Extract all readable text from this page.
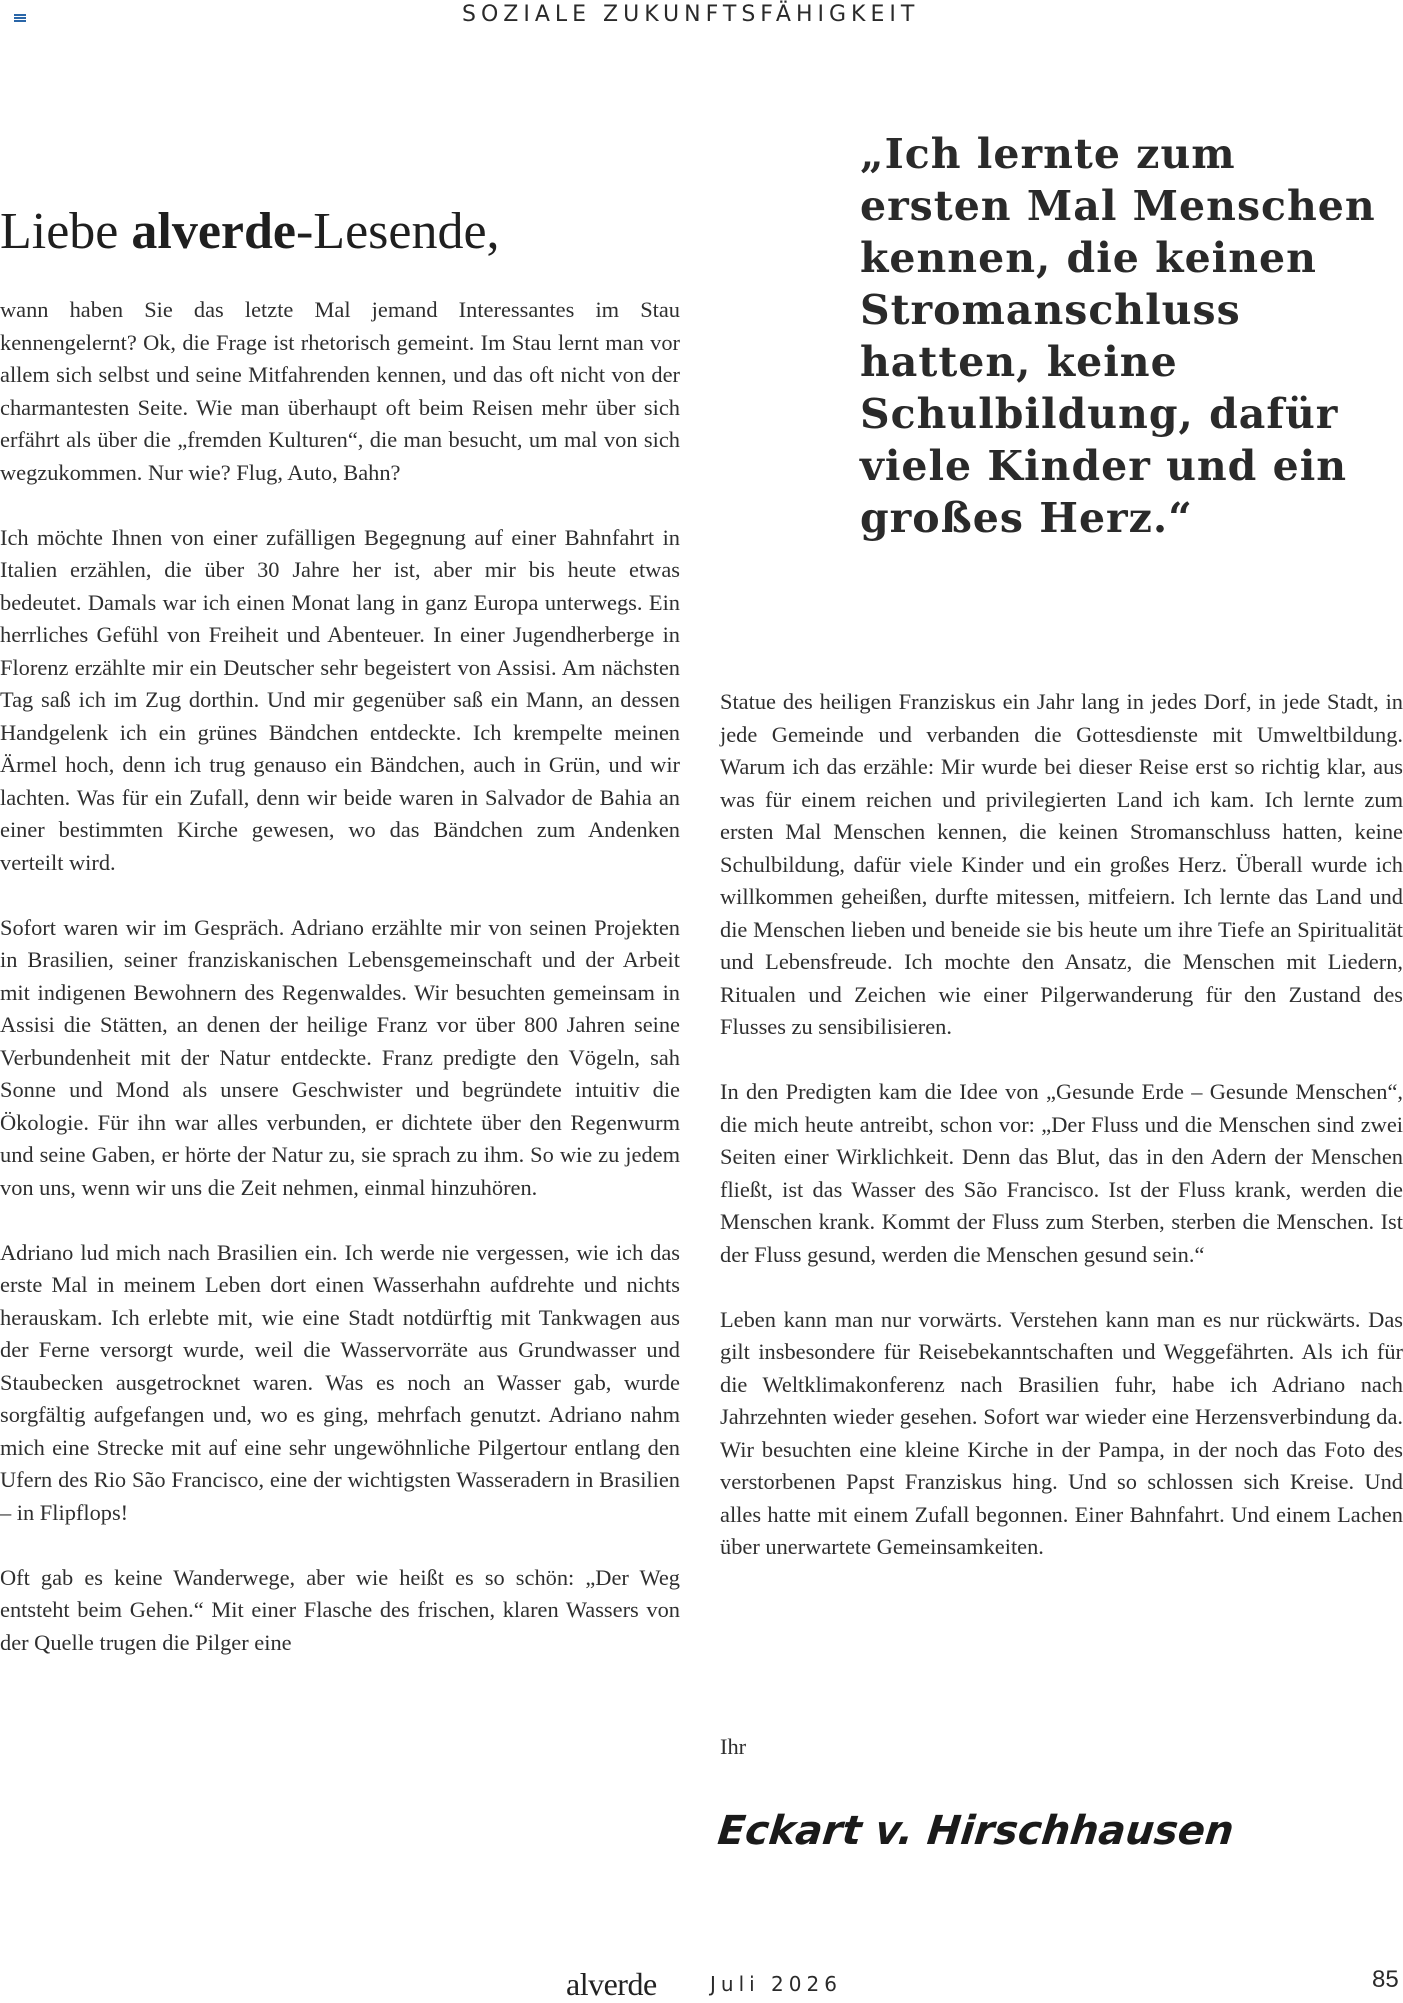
SOZIALE ZUKUNFTSFÄHIGKEIT
Liebe alverde-Lesende,

wann haben Sie das letzte Mal jemand Interessantes im Stau kennengelernt? Ok, die Frage ist rhetorisch gemeint. Im Stau lernt man vor allem sich selbst und seine Mitfahrenden kennen, und das oft nicht von der charmantesten Seite. Wie man überhaupt oft beim Reisen mehr über sich erfährt als über die „fremden Kulturen“, die man besucht, um mal von sich wegzukommen. Nur wie? Flug, Auto, Bahn?

Ich möchte Ihnen von einer zufälligen Begegnung auf einer Bahnfahrt in Italien erzählen, die über 30 Jahre her ist, aber mir bis heute etwas bedeutet. Damals war ich einen Monat lang in ganz Europa unterwegs. Ein herrliches Gefühl von Freiheit und Abenteuer. In einer Jugendherberge in Florenz erzählte mir ein Deutscher sehr begeistert von Assisi. Am nächsten Tag saß ich im Zug dorthin. Und mir gegenüber saß ein Mann, an dessen Handgelenk ich ein grünes Bändchen entdeckte. Ich krempelte meinen Ärmel hoch, denn ich trug genauso ein Bändchen, auch in Grün, und wir lachten. Was für ein Zufall, denn wir beide waren in Salvador de Bahia an einer bestimmten Kirche gewesen, wo das Bändchen zum Andenken verteilt wird.

Sofort waren wir im Gespräch. Adriano erzählte mir von seinen Projekten in Brasilien, seiner franziskanischen Lebensgemeinschaft und der Arbeit mit indigenen Bewohnern des Regenwaldes. Wir besuchten gemeinsam in Assisi die Stätten, an denen der heilige Franz vor über 800 Jahren seine Verbundenheit mit der Natur entdeckte. Franz predigte den Vögeln, sah Sonne und Mond als unsere Geschwister und begründete intuitiv die Ökologie. Für ihn war alles verbunden, er dichtete über den Regenwurm und seine Gaben, er hörte der Natur zu, sie sprach zu ihm. So wie zu jedem von uns, wenn wir uns die Zeit nehmen, einmal hinzuhören.

Adriano lud mich nach Brasilien ein. Ich werde nie vergessen, wie ich das erste Mal in meinem Leben dort einen Wasserhahn aufdrehte und nichts herauskam. Ich erlebte mit, wie eine Stadt notdürftig mit Tankwagen aus der Ferne versorgt wurde, weil die Wasservorräte aus Grundwasser und Staubecken ausgetrocknet waren. Was es noch an Wasser gab, wurde sorgfältig aufgefangen und, wo es ging, mehrfach genutzt. Adriano nahm mich eine Strecke mit auf eine sehr ungewöhnliche Pilgertour entlang den Ufern des Rio São Francisco, eine der wichtigsten Wasseradern in Brasilien – in Flipflops!

Oft gab es keine Wanderwege, aber wie heißt es so schön: „Der Weg entsteht beim Gehen.“ Mit einer Flasche des frischen, klaren Wassers von der Quelle trugen die Pilger eine

„Ich lernte zum ersten Mal Menschen kennen, die keinen Stromanschluss hatten, keine Schulbildung, dafür viele Kinder und ein großes Herz.“

Statue des heiligen Franziskus ein Jahr lang in jedes Dorf, in jede Stadt, in jede Gemeinde und verbanden die Gottesdienste mit Umweltbildung. Warum ich das erzähle: Mir wurde bei dieser Reise erst so richtig klar, aus was für einem reichen und privilegierten Land ich kam. Ich lernte zum ersten Mal Menschen kennen, die keinen Stromanschluss hatten, keine Schulbildung, dafür viele Kinder und ein großes Herz. Überall wurde ich willkommen geheißen, durfte mitessen, mitfeiern. Ich lernte das Land und die Menschen lieben und beneide sie bis heute um ihre Tiefe an Spiritualität und Lebensfreude. Ich mochte den Ansatz, die Menschen mit Liedern, Ritualen und Zeichen wie einer Pilgerwanderung für den Zustand des Flusses zu sensibilisieren.

In den Predigten kam die Idee von „Gesunde Erde – Gesunde Menschen“, die mich heute antreibt, schon vor: „Der Fluss und die Menschen sind zwei Seiten einer Wirklichkeit. Denn das Blut, das in den Adern der Menschen fließt, ist das Wasser des São Francisco. Ist der Fluss krank, werden die Menschen krank. Kommt der Fluss zum Sterben, sterben die Menschen. Ist der Fluss gesund, werden die Menschen gesund sein.“

Leben kann man nur vorwärts. Verstehen kann man es nur rückwärts. Das gilt insbesondere für Reisebekanntschaften und Weggefährten. Als ich für die Weltklimakonferenz nach Brasilien fuhr, habe ich Adriano nach Jahrzehnten wieder gesehen. Sofort war wieder eine Herzensverbindung da. Wir besuchten eine kleine Kirche in der Pampa, in der noch das Foto des verstorbenen Papst Franziskus hing. Und so schlossen sich Kreise. Und alles hatte mit einem Zufall begonnen. Einer Bahnfahrt. Und einem Lachen über unerwartete Gemeinsamkeiten.

Ihr

Eckart v. Hirschhausen
alverde	Juli 2026	85
